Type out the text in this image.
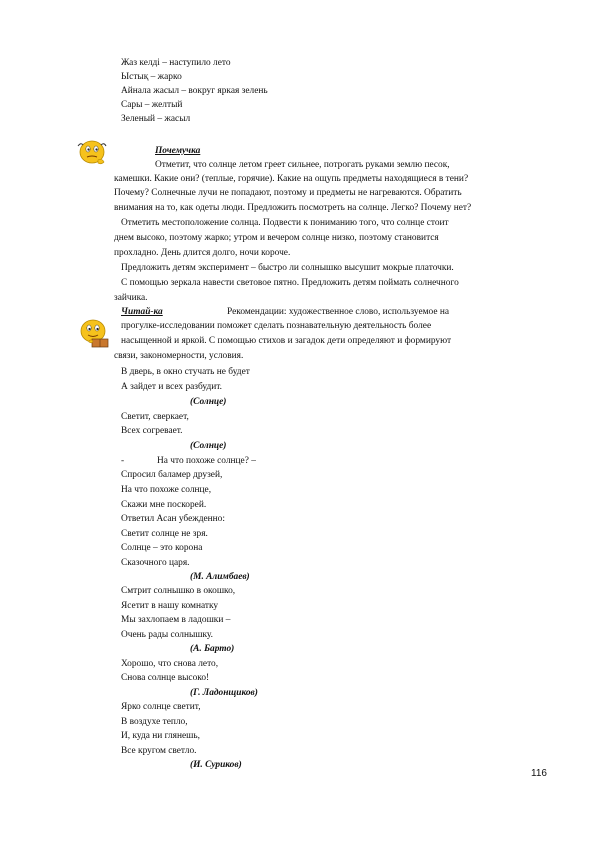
Жаз келді – наступило лето
Ыстық – жарко
Айнала жасыл – вокруг яркая зелень
Сары – желтый
Зеленый – жасыл
Почемучка
Отметит, что солнце летом греет сильнее, потрогать руками землю песок,
камешки. Какие они? (теплые, горячие). Какие на ощупь предметы находящиеся в тени?
Почему? Солнечные лучи не попадают, поэтому и предметы не нагреваются. Обратить
внимания на то, как одеты люди. Предложить посмотреть на солнце. Легко? Почему нет?
Отметить местоположение солнца. Подвести к пониманию того, что солнце стоит
днем высоко, поэтому жарко; утром и вечером солнце низко, поэтому становится
прохладно. День длится долго, ночи короче.
Предложить детям эксперимент – быстро ли солнышко высушит мокрые платочки.
С помощью зеркала навести световое пятно. Предложить детям поймать солнечного
зайчика.
Читай-ка	Рекомендации: художественное слово, используемое на
прогулке-исследовании поможет сделать познавательную деятельность более
насыщенной и яркой. С помощью стихов и загадок дети определяют и формируют
связи, закономерности, условия.
В дверь, в окно стучать не будет
А зайдет и всех разбудит.
(Солнце)
Светит, сверкает,
Всех согревает.
(Солнце)
-	На что похоже солнце? –
Спросил баламер друзей,
На что похоже солнце,
Скажи мне поскорей.
Ответил Асан убежденно:
Светит солнце не зря.
Солнце – это корона
Сказочного царя.
(М. Алимбаев)
Смтрит солнышко в окошко,
Ясетит в нашу комнатку
Мы захлопаем в ладошки –
Очень рады солнышку.
(А. Барто)
Хорошо, что снова лето,
Снова солнце высоко!
(Г. Ладонщиков)
Ярко солнце светит,
В воздухе тепло,
И, куда ни глянешь,
Все кругом светло.
(И. Суриков)
116
